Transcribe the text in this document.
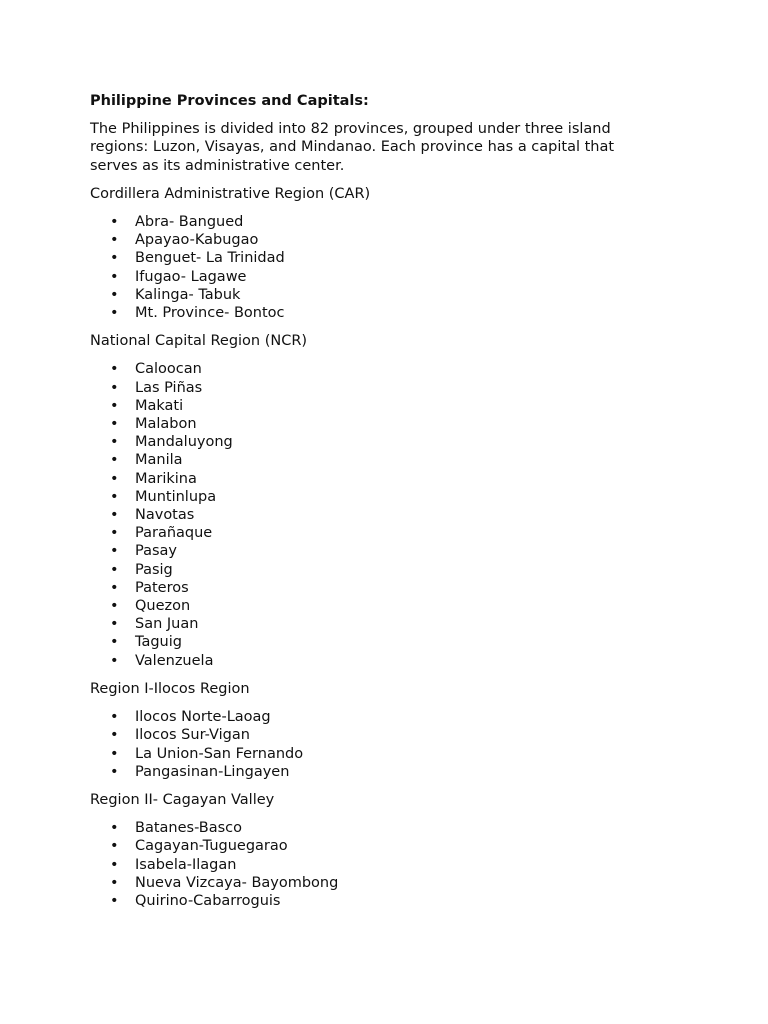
Philippine Provinces and Capitals:

The Philippines is divided into 82 provinces, grouped under three island regions: Luzon, Visayas, and Mindanao. Each province has a capital that serves as its administrative center.

Cordillera Administrative Region (CAR)

• Abra- Bangued
• Apayao-Kabugao
• Benguet- La Trinidad
• Ifugao- Lagawe
• Kalinga- Tabuk
• Mt. Province- Bontoc

National Capital Region (NCR)

• Caloocan
• Las Piñas
• Makati
• Malabon
• Mandaluyong
• Manila
• Marikina
• Muntinlupa
• Navotas
• Parañaque
• Pasay
• Pasig
• Pateros
• Quezon
• San Juan
• Taguig
• Valenzuela

Region I-Ilocos Region

• Ilocos Norte-Laoag
• Ilocos Sur-Vigan
• La Union-San Fernando
• Pangasinan-Lingayen

Region II- Cagayan Valley

• Batanes-Basco
• Cagayan-Tuguegarao
• Isabela-Ilagan
• Nueva Vizcaya- Bayombong
• Quirino-Cabarroguis
